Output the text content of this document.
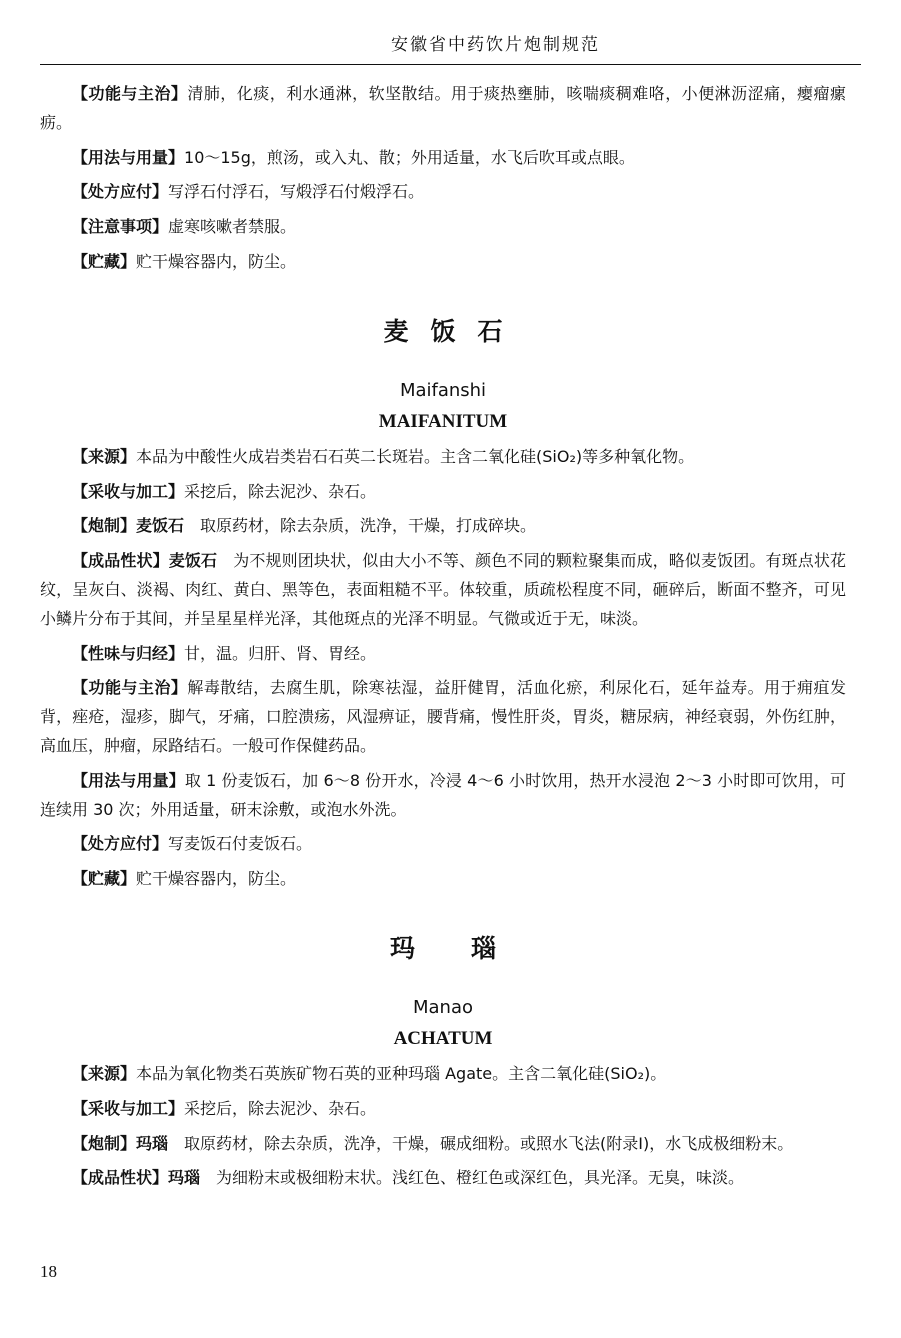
安徽省中药饮片炮制规范

【功能与主治】清肺，化痰，利水通淋，软坚散结。用于痰热壅肺，咳喘痰稠难咯，小便淋沥涩痛，瘿瘤瘰疬。

【用法与用量】10～15g，煎汤，或入丸、散；外用适量，水飞后吹耳或点眼。

【处方应付】写浮石付浮石，写煅浮石付煅浮石。

【注意事项】虚寒咳嗽者禁服。

【贮藏】贮干燥容器内，防尘。

麦饭石
Maifanshi
MAIFANITUM

【来源】本品为中酸性火成岩类岩石石英二长斑岩。主含二氧化硅(SiO₂)等多种氧化物。

【采收与加工】采挖后，除去泥沙、杂石。

【炮制】麦饭石 取原药材，除去杂质，洗净，干燥，打成碎块。

【成品性状】麦饭石 为不规则团块状，似由大小不等、颜色不同的颗粒聚集而成，略似麦饭团。有斑点状花纹，呈灰白、淡褐、肉红、黄白、黑等色，表面粗糙不平。体较重，质疏松程度不同，砸碎后，断面不整齐，可见小鳞片分布于其间，并呈星星样光泽，其他斑点的光泽不明显。气微或近于无，味淡。

【性味与归经】甘，温。归肝、肾、胃经。

【功能与主治】解毒散结，去腐生肌，除寒祛湿，益肝健胃，活血化瘀，利尿化石，延年益寿。用于痈疽发背，痤疮，湿疹，脚气，牙痛，口腔溃疡，风湿痹证，腰背痛，慢性肝炎，胃炎，糖尿病，神经衰弱，外伤红肿，高血压，肿瘤，尿路结石。一般可作保健药品。

【用法与用量】取 1 份麦饭石，加 6～8 份开水，冷浸 4～6 小时饮用，热开水浸泡 2～3 小时即可饮用，可连续用 30 次；外用适量，研末涂敷，或泡水外洗。

【处方应付】写麦饭石付麦饭石。

【贮藏】贮干燥容器内，防尘。

玛瑙
Manao
ACHATUM

【来源】本品为氧化物类石英族矿物石英的亚种玛瑙 Agate。主含二氧化硅(SiO₂)。

【采收与加工】采挖后，除去泥沙、杂石。

【炮制】玛瑙 取原药材，除去杂质，洗净，干燥，碾成细粉。或照水飞法(附录Ⅰ)，水飞成极细粉末。

【成品性状】玛瑙 为细粉末或极细粉末状。浅红色、橙红色或深红色，具光泽。无臭，味淡。

18
